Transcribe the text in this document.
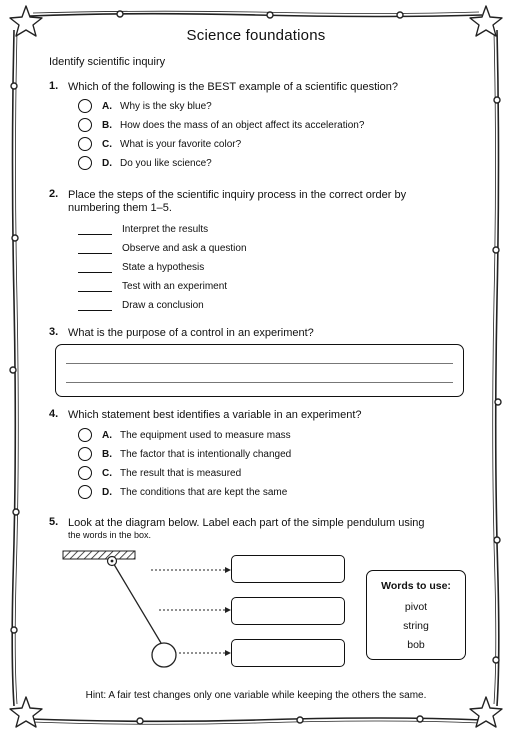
Science foundations
Identify scientific inquiry
1. Which of the following is the BEST example of a scientific question?
A. Why is the sky blue?
B. How does the mass of an object affect its acceleration?
C. What is your favorite color?
D. Do you like science?
2. Place the steps of the scientific inquiry process in the correct order by
numbering them 1–5.
Interpret the results
Observe and ask a question
State a hypothesis
Test with an experiment
Draw a conclusion
3. What is the purpose of a control in an experiment?
4. Which statement best identifies a variable in an experiment?
A. The equipment used to measure mass
B. The factor that is intentionally changed
C. The result that is measured
D. The conditions that are kept the same
5. Look at the diagram below. Label each part of the simple pendulum using
the words in the box.
Words to use:
pivot
string
bob
Hint: A fair test changes only one variable while keeping the others the same.
